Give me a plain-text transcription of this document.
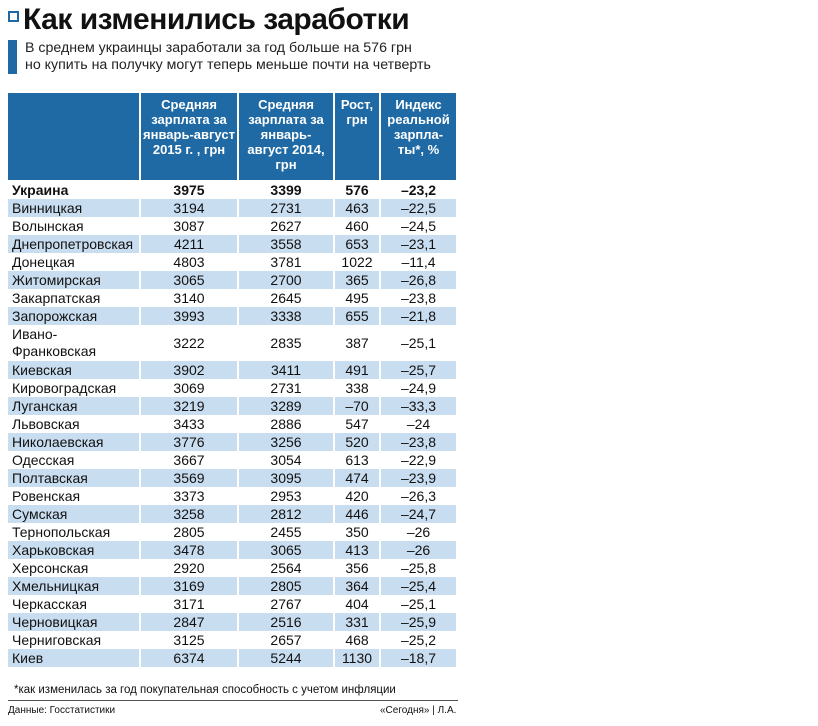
Как изменились заработки
В среднем украинцы заработали за год больше на 576 грн
но купить на получку могут теперь меньше почти на четверть
	Средняя зарплата за январь-август 2015 г. , грн	Средняя зарплата за январь-август 2014, грн	Рост, грн	Индекс реальной зарпла-ты*, %
Украина	3975	3399	576	–23,2
Винницкая	3194	2731	463	–22,5
Волынская	3087	2627	460	–24,5
Днепропетровская	4211	3558	653	–23,1
Донецкая	4803	3781	1022	–11,4
Житомирская	3065	2700	365	–26,8
Закарпатская	3140	2645	495	–23,8
Запорожская	3993	3338	655	–21,8
Ивано-Франковская	3222	2835	387	–25,1
Киевская	3902	3411	491	–25,7
Кировоградская	3069	2731	338	–24,9
Луганская	3219	3289	–70	–33,3
Львовская	3433	2886	547	–24
Николаевская	3776	3256	520	–23,8
Одесская	3667	3054	613	–22,9
Полтавская	3569	3095	474	–23,9
Ровенская	3373	2953	420	–26,3
Сумская	3258	2812	446	–24,7
Тернопольская	2805	2455	350	–26
Харьковская	3478	3065	413	–26
Херсонская	2920	2564	356	–25,8
Хмельницкая	3169	2805	364	–25,4
Черкасская	3171	2767	404	–25,1
Черновицкая	2847	2516	331	–25,9
Черниговская	3125	2657	468	–25,2
Киев	6374	5244	1130	–18,7
*как изменилась за год покупательная способность с учетом инфляции
Данные: Госстатистики	«Сегодня» | Л.А.
